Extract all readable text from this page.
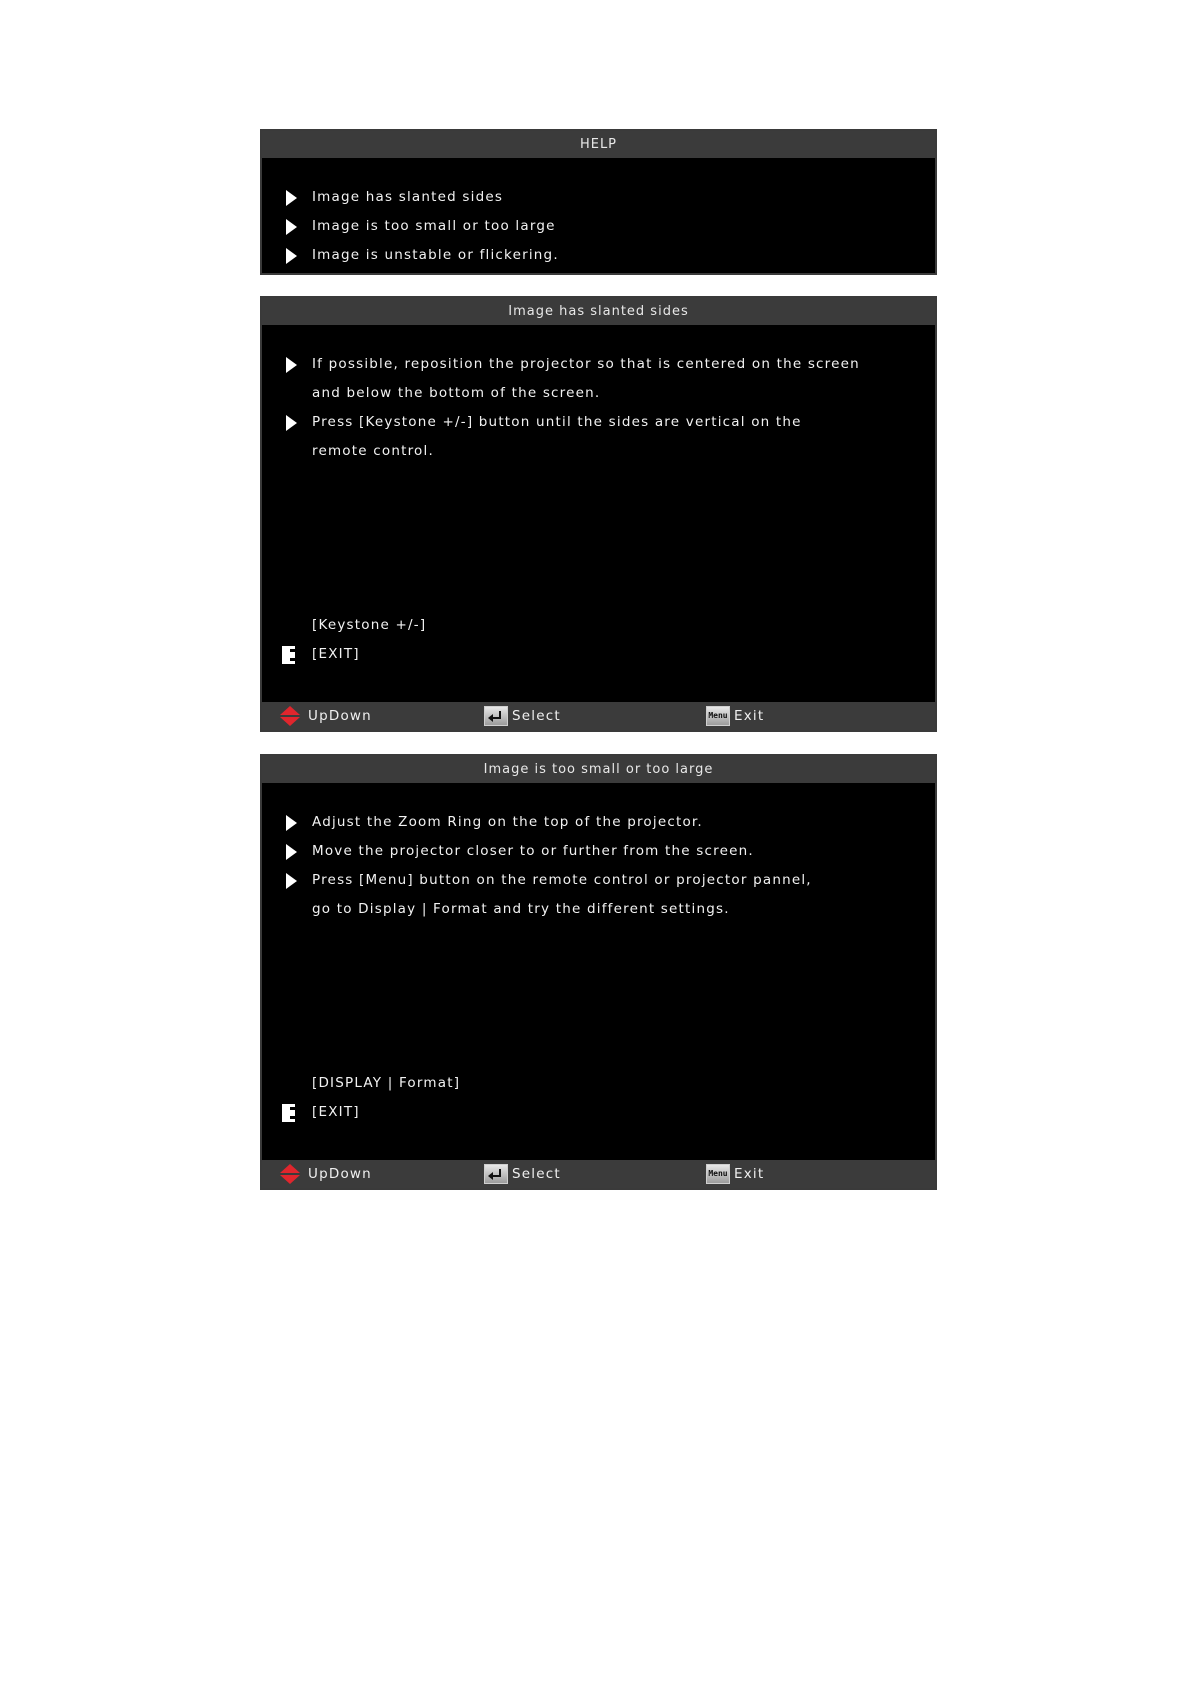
HELP
Image has slanted sides
Image is too small or too large
Image is unstable or flickering.
Image has slanted sides
If possible, reposition the projector so that is centered on the screen
and below the bottom of the screen.
Press [Keystone +/-] button until the sides are vertical on the
remote control.
[Keystone +/-]
[EXIT]
UpDown	Select	Menu Exit
Image is too small or too large
Adjust the Zoom Ring on the top of the projector.
Move the projector closer to or further from the screen.
Press [Menu] button on the remote control or projector pannel,
go to Display | Format and try the different settings.
[DISPLAY | Format]
[EXIT]
UpDown	Select	Menu Exit
